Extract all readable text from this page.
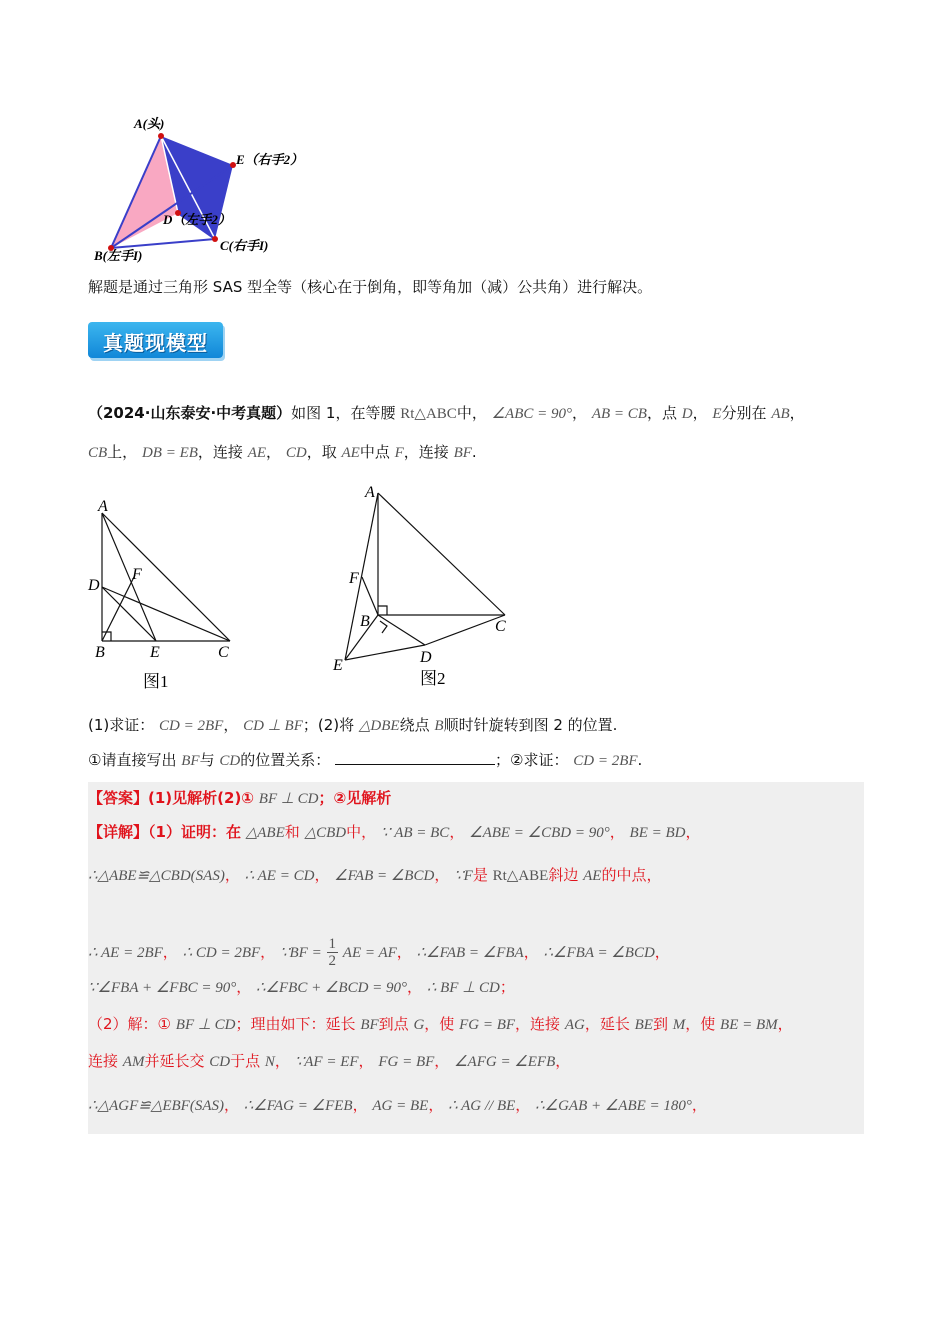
A(头)
E（右手2）
D（左手2）
C(右手I)
B(左手I)
解题是通过三角形 SAS 型全等（核心在于倒角，即等角加（减）公共角）进行解决。
真题现模型
（2024·山东泰安·中考真题）如图 1，在等腰 Rt△ABC中， ∠ABC = 90°， AB = CB，点 D， E分别在 AB，
CB上， DB = EB，连接 AE， CD，取 AE中点 F，连接 BF.
A
D
F
B	E	C
图1
A
F
B	C
D
E
图2
(1)求证： CD = 2BF， CD ⊥ BF；(2)将 △DBE绕点 B顺时针旋转到图 2 的位置.
①请直接写出 BF与 CD的位置关系：	；②求证： CD = 2BF.
【答案】(1)见解析(2)① BF ⊥ CD；②见解析
【详解】（1）证明：在 △ABE和 △CBD中， ∵ AB = BC， ∠ABE = ∠CBD = 90°， BE = BD，
∴△ABE≌△CBD(SAS)， ∴ AE = CD， ∠FAB = ∠BCD， ∵F是 Rt△ABE斜边 AE的中点，
∴ AE = 2BF， ∴ CD = 2BF， ∵BF = $\frac{1}{2}$ AE = AF， ∴∠FAB = ∠FBA， ∴∠FBA = ∠BCD，
∵∠FBA + ∠FBC = 90°， ∴∠FBC + ∠BCD = 90°， ∴ BF ⊥ CD；
（2）解：① BF ⊥ CD；理由如下：延长 BF到点 G，使 FG = BF，连接 AG，延长 BE到 M，使 BE = BM，
连接 AM并延长交 CD于点 N， ∵AF = EF， FG = BF， ∠AFG = ∠EFB，
∴△AGF≌△EBF(SAS)， ∴∠FAG = ∠FEB， AG = BE， ∴ AG // BE， ∴∠GAB + ∠ABE = 180°，
